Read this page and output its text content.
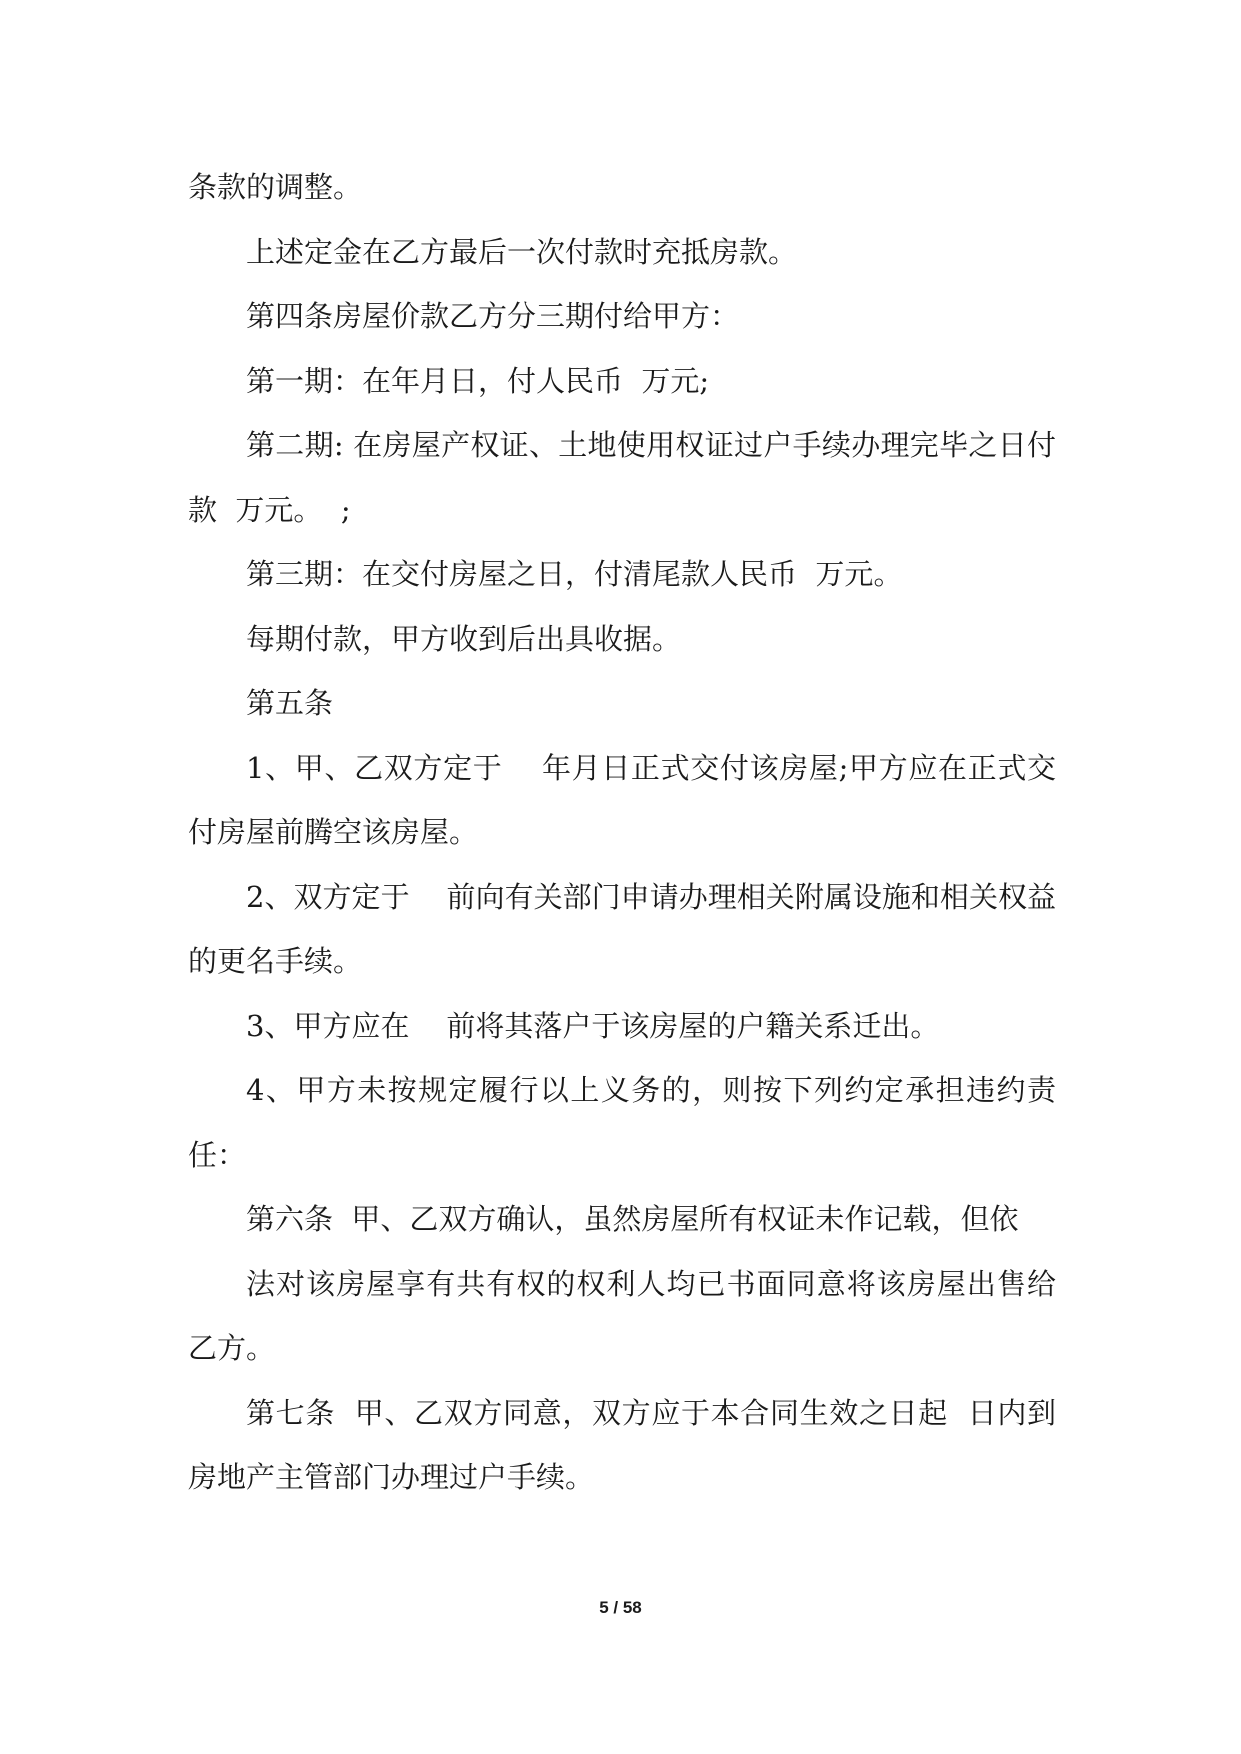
条款的调整。

上述定金在乙方最后一次付款时充抵房款。

第四条房屋价款乙方分三期付给甲方：

第一期：在年月日，付人民币  万元;

第二期: 在房屋产权证、土地使用权证过户手续办理完毕之日付款  万元。  ;

第三期：在交付房屋之日，付清尾款人民币  万元。

每期付款，甲方收到后出具收据。

第五条

1、甲、乙双方定于    年月日正式交付该房屋;甲方应在正式交付房屋前腾空该房屋。

2、双方定于    前向有关部门申请办理相关附属设施和相关权益的更名手续。

3、甲方应在    前将其落户于该房屋的户籍关系迁出。

4、甲方未按规定履行以上义务的，则按下列约定承担违约责任：

第六条  甲、乙双方确认，虽然房屋所有权证未作记载，但依

法对该房屋享有共有权的权利人均已书面同意将该房屋出售给乙方。

第七条  甲、乙双方同意，双方应于本合同生效之日起  日内到房地产主管部门办理过户手续。

5 / 58
